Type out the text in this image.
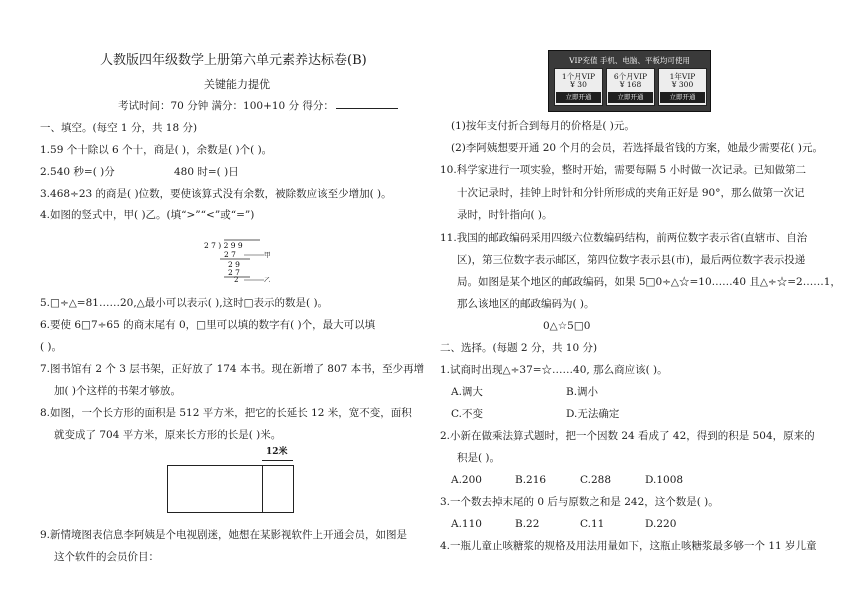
人教版四年级数学上册第六单元素养达标卷(B)
关键能力提优
考试时间：70 分钟 满分：100+10 分 得分：
一、填空。(每空 1 分，共 18 分)
1.59 个十除以 6 个十，商是( )，余数是( )个( )。
2.540 秒=( )分	480 时=( )日
3.468÷23 的商是( )位数，要使该算式没有余数，被除数应该至少增加( )。
4.如图的竖式中，甲( )乙。(填“>”“<”或“=”)
2 7 ) 2 9 9
2 7
2 9
2 7
2
甲
乙
5.□÷△=81……20,△最小可以表示( ),这时□表示的数是( )。
6.要使 6□7÷65 的商末尾有 0，□里可以填的数字有( )个，最大可以填
( )。
7.图书馆有 2 个 3 层书架，正好放了 174 本书。现在新增了 807 本书，至少再增
加( )个这样的书架才够放。
8.如图，一个长方形的面积是 512 平方米，把它的长延长 12 米，宽不变，面积
就变成了 704 平方米，原来长方形的长是( )米。
12米
9.新情境图表信息李阿姨是个电视剧迷，她想在某影视软件上开通会员，如图是
这个软件的会员价目：
VIP充值 手机、电脑、平板均可使用
1个月VIP
¥ 30
立即开通
6个月VIP
¥ 168
立即开通
1年VIP
¥ 300
立即开通
(1)按年支付折合到每月的价格是( )元。
(2)李阿姨想要开通 20 个月的会员，若选择最省钱的方案，她最少需要花( )元。
10.科学家进行一项实验，整时开始，需要每隔 5 小时做一次记录。已知做第二
十次记录时，挂钟上时针和分针所形成的夹角正好是 90°，那么做第一次记
录时，时针指向( )。
11.我国的邮政编码采用四级六位数编码结构，前两位数字表示省(直辖市、自治
区)，第三位数字表示邮区，第四位数字表示县(市)，最后两位数字表示投递
局。如图是某个地区的邮政编码，如果 5□0÷△☆=10……40 且△÷☆=2……1，
那么该地区的邮政编码为( )。
0△☆5□0
二、选择。(每题 2 分，共 10 分)
1.试商时出现△÷37=☆……40, 那么商应该( )。
A.调大	B.调小
C.不变	D.无法确定
2.小新在做乘法算式题时，把一个因数 24 看成了 42，得到的积是 504，原来的
积是( )。
A.200	B.216	C.288	D.1008
3.一个数去掉末尾的 0 后与原数之和是 242，这个数是( )。
A.110	B.22	C.11	D.220
4.一瓶儿童止咳糖浆的规格及用法用量如下，这瓶止咳糖浆最多够一个 11 岁儿童
